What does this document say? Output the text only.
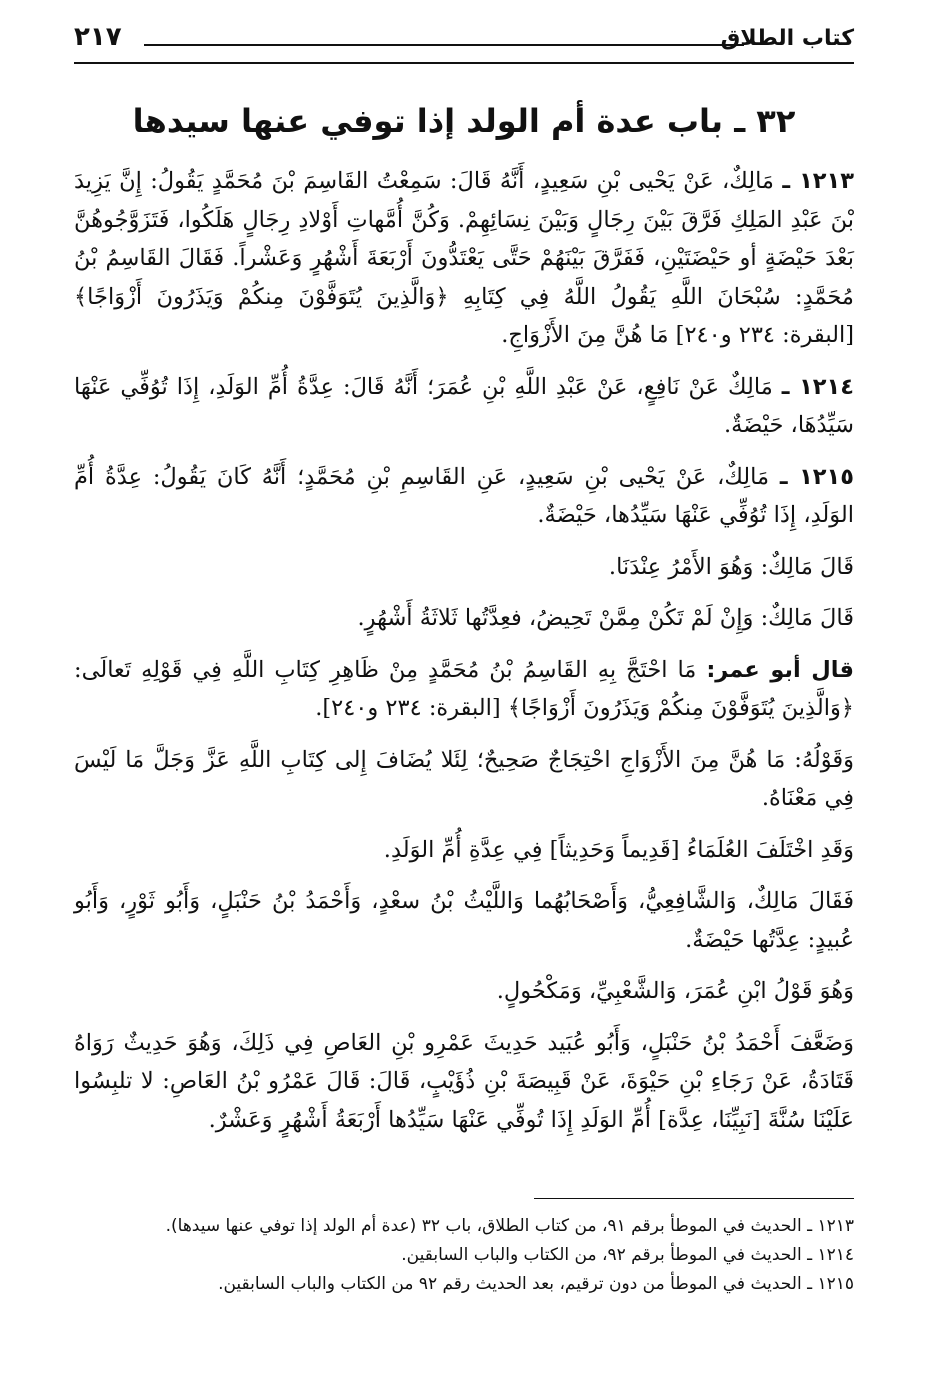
كتاب الطلاق
٢١٧
٣٢ ـ باب عدة أم الولد إذا توفي عنها سيدها

١٢١٣ ـ مَالِكٌ، عَنْ يَحْيى بْنِ سَعِيدٍ، أَنَّهُ قَالَ: سَمِعْتُ القَاسِمَ بْنَ مُحَمَّدٍ يَقُولُ: إِنَّ يَزِيدَ بْنَ عَبْدِ المَلِكِ فَرَّقَ بَيْنَ رِجَالٍ وَبَيْنَ نِسَائِهِمْ. وَكُنَّ أُمَّهاتِ أَوْلادِ رِجَالٍ هَلَكُوا، فَتَزَوَّجُوهُنَّ بَعْدَ حَيْضَةٍ أو حَيْضَتَيْنِ، فَفَرَّقَ بَيْنَهُمْ حَتَّى يَعْتَدُّونَ أَرْبَعَةَ أَشْهُرٍ وَعَشْراً. فَقَالَ القَاسِمُ بْنُ مُحَمَّدٍ: سُبْحَانَ اللَّهِ يَقُولُ اللَّهُ فِي كِتَابِهِ ﴿وَالَّذِينَ يُتَوَفَّوْنَ مِنكُمْ وَيَذَرُونَ أَزْوَاجًا﴾ [البقرة: ٢٣٤ و٢٤٠] مَا هُنَّ مِنَ الأَزْوَاجِ.

١٢١٤ ـ مَالِكٌ عَنْ نَافِعٍ، عَنْ عَبْدِ اللَّهِ بْنِ عُمَرَ؛ أَنَّهُ قَالَ: عِدَّةُ أُمِّ الوَلَدِ، إِذَا تُوُفِّي عَنْهَا سَيِّدُهَا، حَيْضَةٌ.

١٢١٥ ـ مَالِكٌ، عَنْ يَحْيى بْنِ سَعِيدٍ، عَنِ القَاسِمِ بْنِ مُحَمَّدٍ؛ أَنَّهُ كَانَ يَقُولُ: عِدَّةُ أُمِّ الوَلَدِ، إِذَا تُوُفِّي عَنْهَا سَيِّدُها، حَيْضَةٌ.

قَالَ مَالِكٌ: وَهُوَ الأَمْرُ عِنْدَنَا.

قَالَ مَالِكٌ: وَإِنْ لَمْ تَكُنْ مِمَّنْ تَحِيضُ، فعِدَّتُها ثَلاثَةُ أَشْهُرٍ.

قال أبو عمر: مَا احْتَجَّ بِهِ القَاسِمُ بْنُ مُحَمَّدٍ مِنْ ظَاهِرِ كِتَابِ اللَّهِ فِي قَوْلِهِ تَعالَى: ﴿وَالَّذِينَ يُتَوَفَّوْنَ مِنكُمْ وَيَذَرُونَ أَزْوَاجًا﴾ [البقرة: ٢٣٤ و٢٤٠].

وَقَوْلُهُ: مَا هُنَّ مِنَ الأَزْوَاجِ احْتِجَاجٌ صَحِيحٌ؛ لِئَلا يُضَافَ إِلى كِتَابِ اللَّهِ عَزَّ وَجَلَّ مَا لَيْسَ فِي مَعْنَاهُ.

وَقَدِ اخْتَلَفَ العُلَمَاءُ [قَدِيماً وَحَدِيثاً] فِي عِدَّةِ أُمِّ الوَلَدِ.

فَقَالَ مَالِكٌ، وَالشَّافِعِيُّ، وَأَصْحَابُهُما وَاللَّيْثُ بْنُ سعْدٍ، وَأَحْمَدُ بْنُ حَنْبَلٍ، وَأَبُو ثَوْرٍ، وَأَبُو عُبيدٍ: عِدَّتُها حَيْضَةٌ.

وَهُوَ قَوْلُ ابْنِ عُمَرَ، وَالشَّعْبِيِّ، وَمَكْحُولٍ.

وَضَعَّفَ أَحْمَدُ بْنُ حَنْبَلٍ، وَأَبُو عُبَيد حَدِيثَ عَمْرِو بْنِ العَاصِ فِي ذَلِكَ، وَهُوَ حَدِيثٌ رَوَاهُ قَتَادَةُ، عَنْ رَجَاءِ بْنِ حَيْوَةَ، عَنْ قَبِيصَةَ بْنِ ذُؤَيْبٍ، قَالَ: قَالَ عَمْرُو بْنُ العَاصِ: لا تلبِسُوا عَلَيْنَا سُنَّةَ [نَبِيِّنَا، عِدَّة] أُمِّ الوَلَدِ إِذَا تُوفِّي عَنْهَا سَيِّدُها أَرْبَعَةُ أَشْهُرٍ وَعَشْرٌ.

١٢١٣ ـ الحديث في الموطأ برقم ٩١، من كتاب الطلاق، باب ٣٢ (عدة أم الولد إذا توفي عنها سيدها).

١٢١٤ ـ الحديث في الموطأ برقم ٩٢، من الكتاب والباب السابقين.

١٢١٥ ـ الحديث في الموطأ من دون ترقيم، بعد الحديث رقم ٩٢ من الكتاب والباب السابقين.
